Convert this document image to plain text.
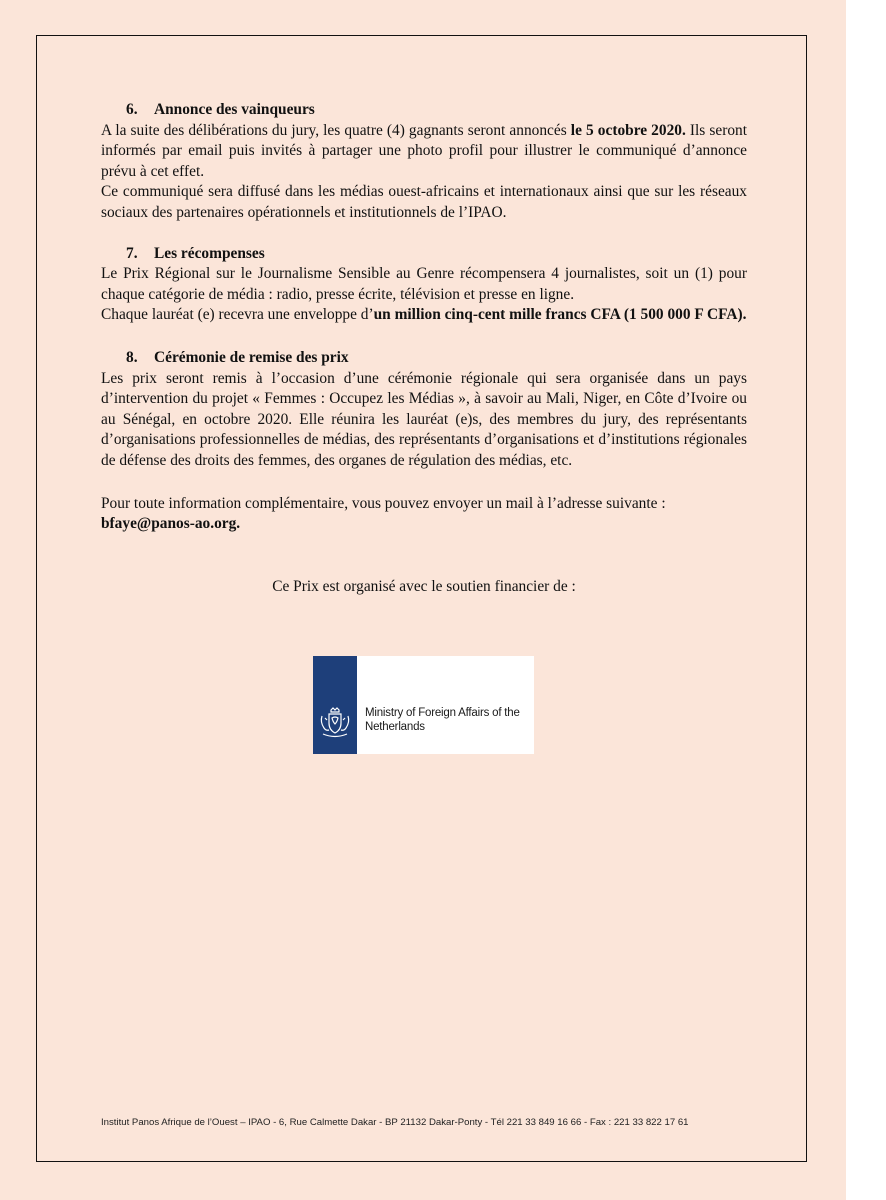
6. Annonce des vainqueurs

A la suite des délibérations du jury, les quatre (4) gagnants seront annoncés le 5 octobre 2020. Ils seront informés par email puis invités à partager une photo profil pour illustrer le communiqué d’annonce prévu à cet effet.

Ce communiqué sera diffusé dans les médias ouest-africains et internationaux ainsi que sur les réseaux sociaux des partenaires opérationnels et institutionnels de l’IPAO.

7. Les récompenses

Le Prix Régional sur le Journalisme Sensible au Genre récompensera 4 journalistes, soit un (1) pour chaque catégorie de média : radio, presse écrite, télévision et presse en ligne.

Chaque lauréat (e) recevra une enveloppe d’un million cinq-cent mille francs CFA (1 500 000 F CFA).

8. Cérémonie de remise des prix

Les prix seront remis à l’occasion d’une cérémonie régionale qui sera organisée dans un pays d’intervention du projet « Femmes : Occupez les Médias », à savoir au Mali, Niger, en Côte d’Ivoire ou au Sénégal, en octobre 2020. Elle réunira les lauréat (e)s, des membres du jury, des représentants d’organisations professionnelles de médias, des représentants d’organisations et d’institutions régionales de défense des droits des femmes, des organes de régulation des médias, etc.

Pour toute information complémentaire, vous pouvez envoyer un mail à l’adresse suivante :

bfaye@panos-ao.org.

Ce Prix est organisé avec le soutien financier de :

Ministry of Foreign Affairs of the
Netherlands
Institut Panos Afrique de l’Ouest – IPAO - 6, Rue Calmette Dakar - BP 21132 Dakar-Ponty - Tél 221 33 849 16 66 - Fax : 221 33 822 17 61
